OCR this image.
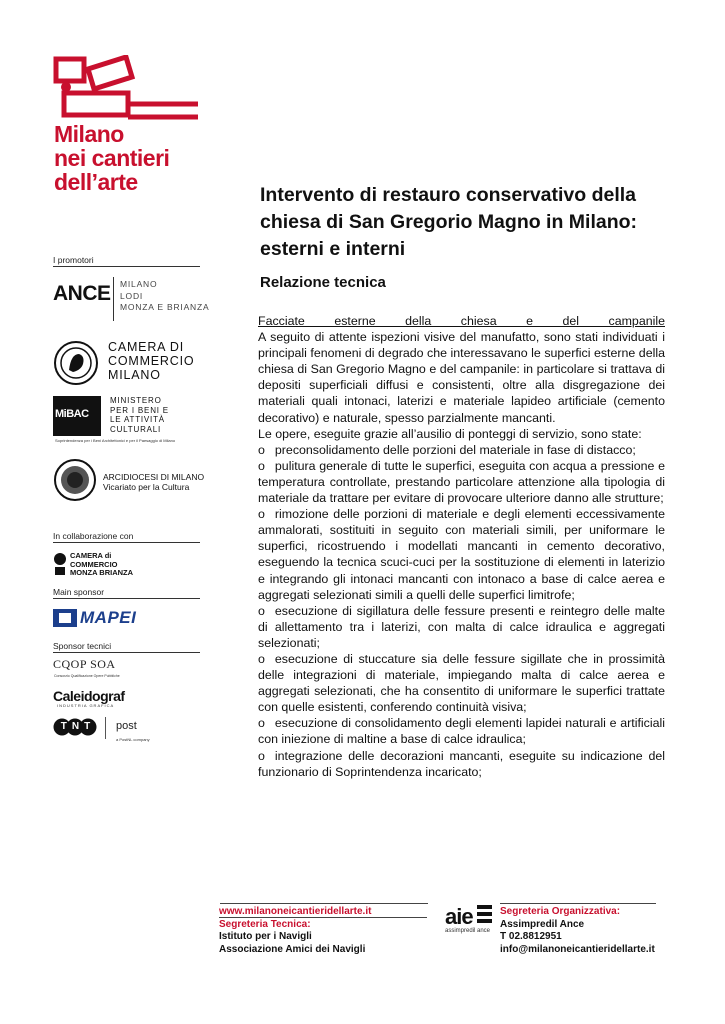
Milano
nei cantieri
dell’arte
I promotori
ANCE MILANO
LODI
MONZA E BRIANZA
CAMERA DI
COMMERCIO
MILANO
MiBAC
MINISTERO
PER I BENI E
LE ATTIVITÀ
CULTURALI
Soprintendenza per i Beni Architettonici e per il Paesaggio di Milano
ARCIDIOCESI DI MILANO
Vicariato per la Cultura
In collaborazione con
CAMERA di
COMMERCIO
MONZA BRIANZA
Main sponsor
MAPEI
Sponsor tecnici
CQOP SOA
Consorzio Qualificazione Opere Pubbliche
Caleidograf
INDUSTRIA GRAFICA
TNT	post
a PostNL company
Intervento di restauro conservativo della chiesa di San Gregorio Magno in Milano: esterni e interni
Relazione tecnica

Facciate esterne della chiesa e del campanile

A seguito di attente ispezioni visive del manufatto, sono stati individuati i principali fenomeni di degrado che interessavano le superfici esterne della chiesa di San Gregorio Magno e del campanile: in particolare si trattava di depositi superficiali diffusi e consistenti, oltre alla disgregazione dei materiali quali intonaci, laterizi e materiale lapideo artificiale (cemento decorativo) e naturale, spesso parzialmente mancanti.

Le opere, eseguite grazie all’ausilio di ponteggi di servizio, sono state:

o preconsolidamento delle porzioni del materiale in fase di distacco;

o pulitura generale di tutte le superfici, eseguita con acqua a pressione e temperatura controllate, prestando particolare attenzione alla tipologia di materiale da trattare per evitare di provocare ulteriore danno alle strutture;

o rimozione delle porzioni di materiale e degli elementi eccessivamente ammalorati, sostituiti in seguito con materiali simili, per uniformare le superfici, ricostruendo i modellati mancanti in cemento decorativo, eseguendo la tecnica scuci-cuci per la sostituzione di elementi in laterizio e integrando gli intonaci mancanti con intonaco a base di calce aerea e aggregati selezionati simili a quelli delle superfici limitrofe;

o esecuzione di sigillatura delle fessure presenti e reintegro delle malte di allettamento tra i laterizi, con malta di calce idraulica e aggregati selezionati;

o esecuzione di stuccature sia delle fessure sigillate che in prossimità delle integrazioni di materiale, impiegando malta di calce aerea e aggregati selezionati, che ha consentito di uniformare le superfici trattate con quelle esistenti, conferendo continuità visiva;

o esecuzione di consolidamento degli elementi lapidei naturali e artificiali con iniezione di maltine a base di calce idraulica;

o integrazione delle decorazioni mancanti, eseguite su indicazione del funzionario di Soprintendenza incaricato;

www.milanoneicantieridellarte.it
Segreteria Tecnica:
Istituto per i Navigli
Associazione Amici dei Navigli
aie
assimpredil ance
Segreteria Organizzativa:
Assimpredil Ance
T 02.8812951
info@milanoneicantieridellarte.it
